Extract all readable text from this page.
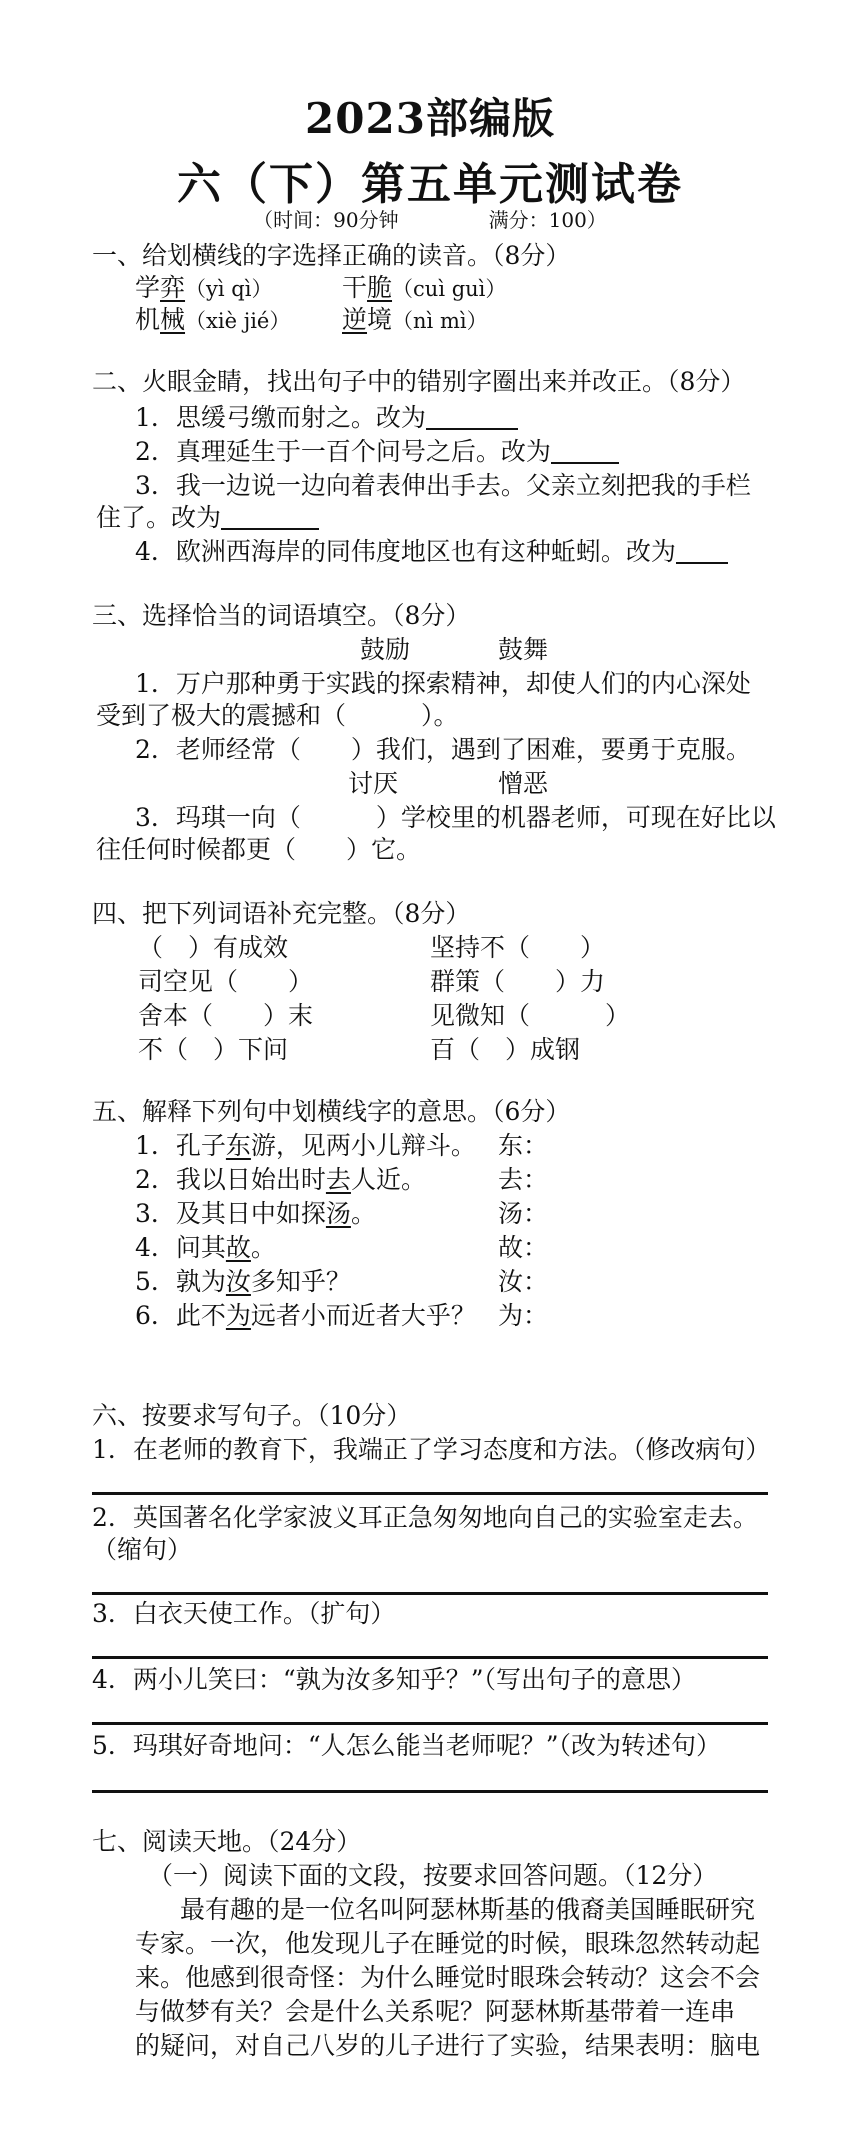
2023部编版
六（下）第五单元测试卷
（时间：90分钟	满分：100）
一、给划横线的字选择正确的读音。（8分）
学弈（yì qì）	干脆（cuì guì）
机械（xiè jié） 逆境（nì mì）
二、火眼金睛，找出句子中的错别字圈出来并改正。（8分）
1．思缓弓缴而射之。改为
2．真理延生于一百个问号之后。改为
3．我一边说一边向着表伸出手去。父亲立刻把我的手栏
住了。改为
4．欧洲西海岸的同伟度地区也有这种蚯蚓。改为
三、选择恰当的词语填空。（8分）
鼓励	鼓舞
1．万户那种勇于实践的探索精神，却使人们的内心深处
受到了极大的震撼和（　　　）。
2．老师经常（　　）我们，遇到了困难，要勇于克服。
讨厌	憎恶
3．玛琪一向（　　　）学校里的机器老师，可现在好比以
往任何时候都更（　　）它。
四、把下列词语补充完整。（8分）
（　）有成效	坚持不（　　）
司空见（　　）	群策（　　）力
舍本（　　）末	见微知（　　　）
不（　）下问	百（　）成钢
五、解释下列句中划横线字的意思。（6分）
1．孔子东游，见两小儿辩斗。 东：
2．我以日始出时去人近。	去：
3．及其日中如探汤。	汤：
4．问其故。	故：
5．孰为汝多知乎？	汝：
6．此不为远者小而近者大乎？ 为：
六、按要求写句子。（10分）
1．在老师的教育下，我端正了学习态度和方法。（修改病句）
2．英国著名化学家波义耳正急匆匆地向自己的实验室走去。
（缩句）
3．白衣天使工作。（扩句）
4．两小儿笑曰：“孰为汝多知乎？”（写出句子的意思）
5．玛琪好奇地问：“人怎么能当老师呢？”（改为转述句）
七、阅读天地。（24分）
（一）阅读下面的文段，按要求回答问题。（12分）
最有趣的是一位名叫阿瑟林斯基的俄裔美国睡眠研究
专家。一次，他发现儿子在睡觉的时候，眼珠忽然转动起
来。他感到很奇怪：为什么睡觉时眼珠会转动？这会不会
与做梦有关？会是什么关系呢？阿瑟林斯基带着一连串
的疑问，对自己八岁的儿子进行了实验，结果表明：脑电
